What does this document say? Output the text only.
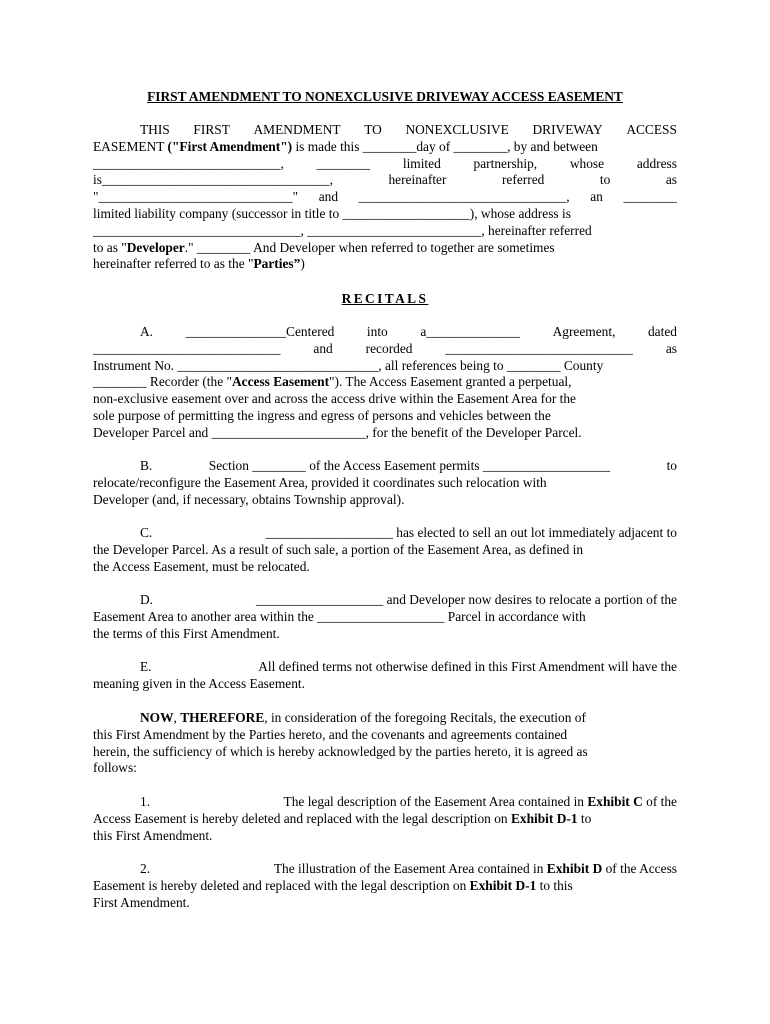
FIRST AMENDMENT TO NONEXCLUSIVE DRIVEWAY ACCESS EASEMENT
THIS FIRST AMENDMENT TO NONEXCLUSIVE DRIVEWAY ACCESS
EASEMENT ("First Amendment") is made this ________day of ________, by and between
____________________________, ________ limited partnership, whose address
is__________________________________,	hereinafter	referred	to	as
"_____________________________" and _______________________________, an ________
limited liability company (successor in title to ___________________), whose address is
_______________________________, __________________________, hereinafter referred
to as "Developer." ________ And Developer when referred to together are sometimes
hereinafter referred to as the "Parties”)
RECITALS
A. _______________Centered into a______________ Agreement, dated
____________________________ and recorded ____________________________ as
Instrument No. ______________________________, all references being to ________ County
________ Recorder (the "Access Easement"). The Access Easement granted a perpetual,
non-exclusive easement over and across the access drive within the Easement Area for the
sole purpose of permitting the ingress and egress of persons and vehicles between the
Developer Parcel and _______________________, for the benefit of the Developer Parcel.
B.	Section ________ of the Access Easement permits ___________________	to
relocate/reconfigure the Easement Area, provided it coordinates such relocation with
Developer (and, if necessary, obtains Township approval).
C.	___________________ has elected to sell an out lot immediately adjacent to
the Developer Parcel. As a result of such sale, a portion of the Easement Area, as defined in
the Access Easement, must be relocated.
D.	___________________ and Developer now desires to relocate a portion of the
Easement Area to another area within the ___________________ Parcel in accordance with
the terms of this First Amendment.
E.	All defined terms not otherwise defined in this First Amendment will have the
meaning given in the Access Easement.
NOW, THEREFORE, in consideration of the foregoing Recitals, the execution of
this First Amendment by the Parties hereto, and the covenants and agreements contained
herein, the sufficiency of which is hereby acknowledged by the parties hereto, it is agreed as
follows:
1.	The legal description of the Easement Area contained in Exhibit C of the
Access Easement is hereby deleted and replaced with the legal description on Exhibit D-1 to
this First Amendment.
2.	The illustration of the Easement Area contained in Exhibit D of the Access
Easement is hereby deleted and replaced with the legal description on Exhibit D-1 to this
First Amendment.
